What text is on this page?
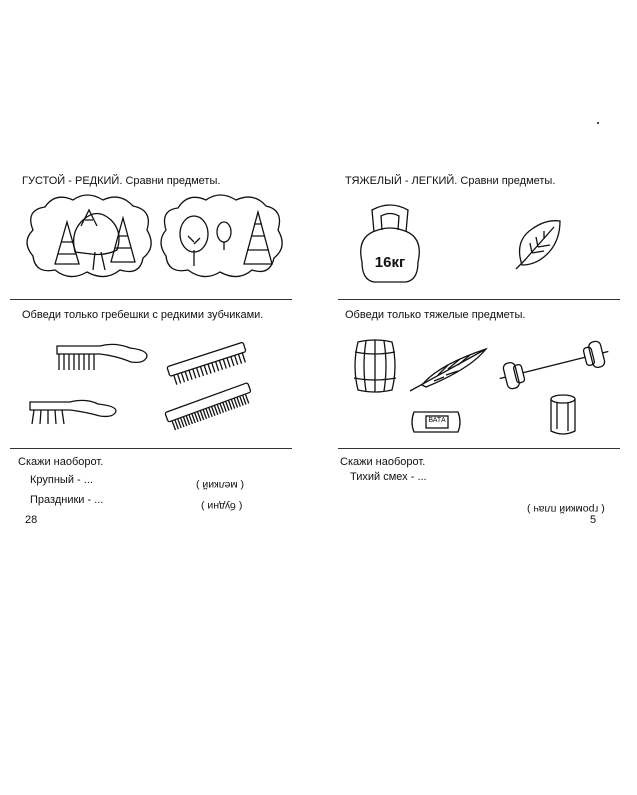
ГУСТОЙ - РЕДКИЙ. Сравни предметы.
Обведи только гребешки с редкими зубчиками.
Скажи наоборот.
Крупный - ...	( мелкий )
Праздники - ...	( будни )
28
ТЯЖЕЛЫЙ - ЛЕГКИЙ. Сравни предметы.
16кг
Обведи только тяжелые предметы.
ВАТА
Скажи наоборот.
Тихий смех - ...
( громкий плач )
5
